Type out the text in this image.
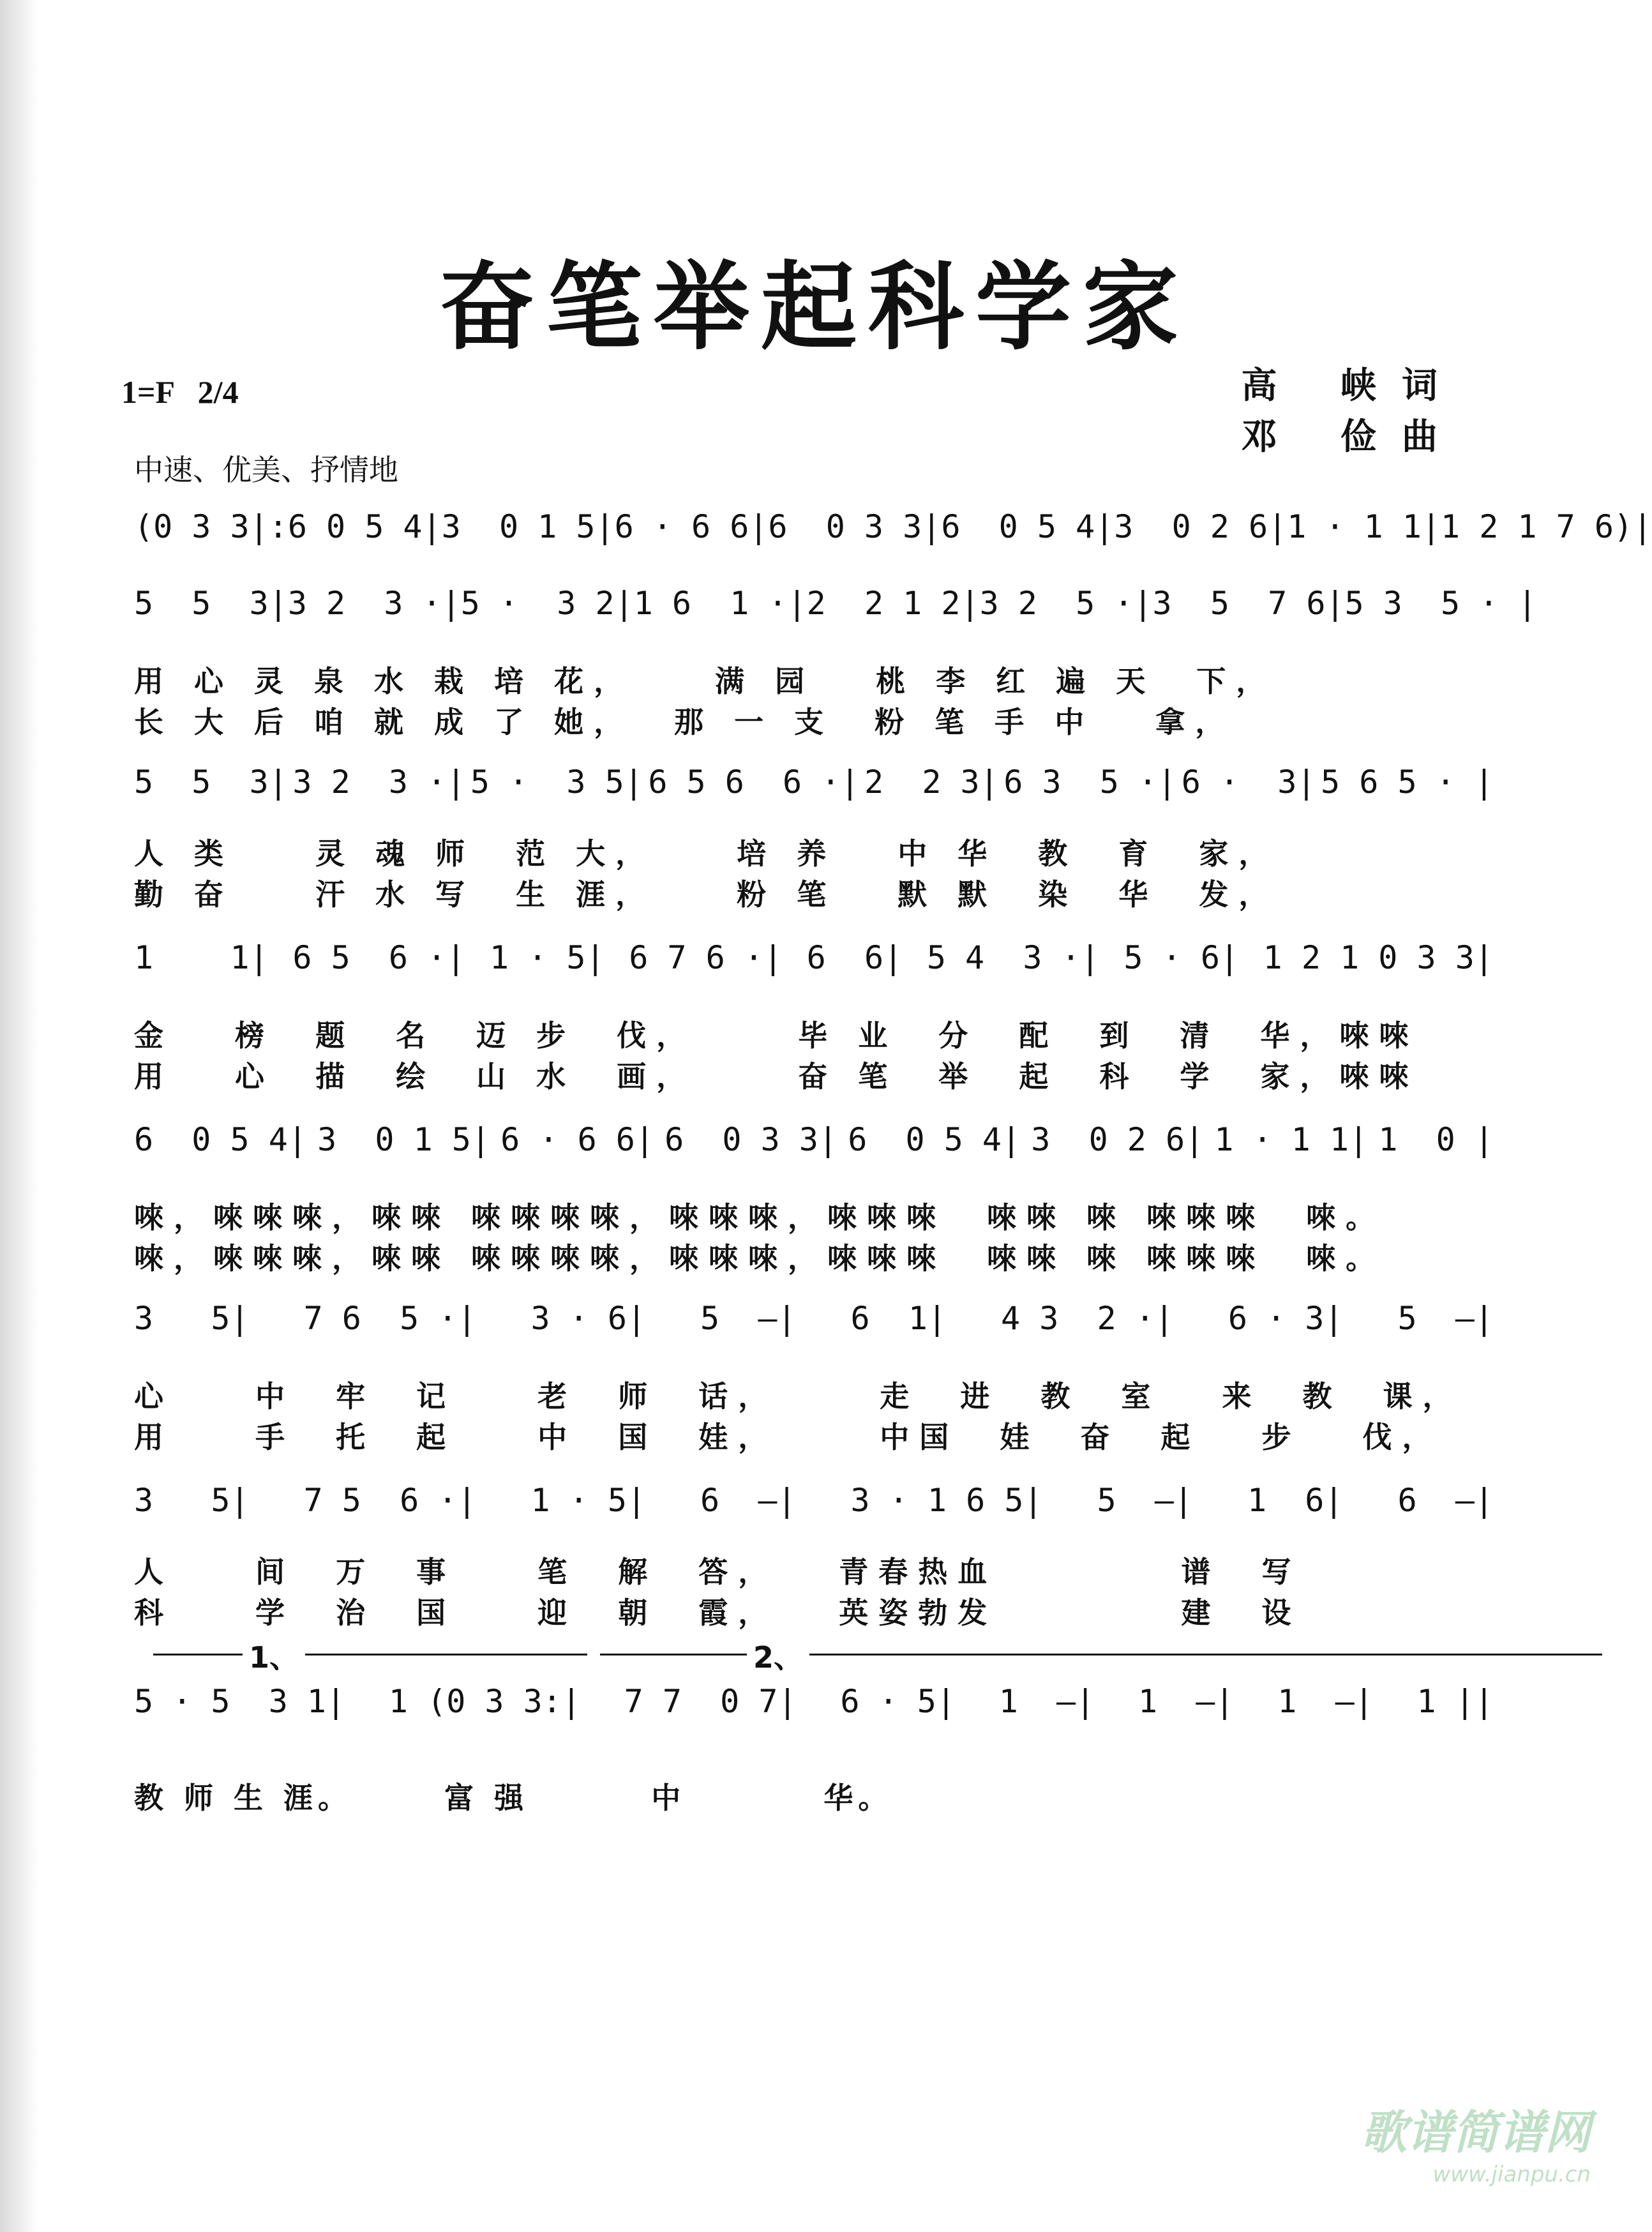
奋笔举起科学家
1=F   2/4	高 峡词
邓 俭曲
中速、优美、抒情地
(0 3 3|:6 0 5 4| 3  0 1 5| 6 · 6 6| 6  0 3 3| 6  0 5 4| 3  0 2 6| 1 · 1 1| 1 2 1 7 6)|
5  5  3| 3 2  3 ·| 5 ·  3 2| 1 6  1 ·| 2  2 1 2| 3 2  5 ·| 3  5  7 6| 5 3  5 · |
用 心 灵 泉 水 栽 培 花，    满 园   桃 李 红 遍 天  下，
长 大 后 咱 就 成 了 她，  那 一 支  粉 笔 手 中   拿，
5  5  3| 3 2  3 ·| 5 ·  3 5| 6 5 6  6 ·| 2  2 3| 6 3  5 ·| 6 ·  3| 5 6 5 · |
人 类    灵 魂 师  范 大，    培 养   中 华  教  育  家，
勤 奋    汗 水 写  生 涯，    粉 笔   默 默  染  华  发，
1    1| 6 5  6 ·| 1 · 5| 6 7 6 ·| 6  6| 5 4  3 ·| 5 · 6| 1 2 1 0 3 3|
金   榜  题  名  迈 步  伐，     毕 业  分  配  到  清  华，唻唻
用   心  描  绘  山 水  画，     奋 笔  举  起  科  学  家，唻唻
6  0 5 4| 3  0 1 5| 6 · 6 6| 6  0 3 3| 6  0 5 4| 3  0 2 6| 1 · 1 1| 1  0 |
唻，唻唻唻，唻唻 唻唻唻唻，唻唻唻，唻唻唻  唻唻 唻 唻唻唻  唻。
唻，唻唻唻，唻唻 唻唻唻唻，唻唻唻，唻唻唻  唻唻 唻 唻唻唻  唻。
3   5| 7 6  5 ·| 3 · 6| 5  —| 6  1| 4 3  2 ·| 6 · 3| 5  —|
心    中  牢  记    老  师  话，     走  进  教  室   来  教  课，
用    手  托  起    中  国  娃，     中国  娃  奋  起   步   伐，
3   5| 7 5  6 ·| 1 · 5| 6  —| 3 · 1 6 5| 5  —| 1  6| 6  —|
人    间  万  事    笔  解  答，   青春热血         谱  写
科    学  治  国    迎  朝  霞，   英姿勃发         建  设
1、	2、
5 · 5  3 1| 1 (0 3 3:| 7 7  0 7| 6 · 5| 1  —| 1  —| 1  —| 1 ||
教 师 生 涯。      富 强        中         华。
歌谱简谱网
www.jianpu.cn
